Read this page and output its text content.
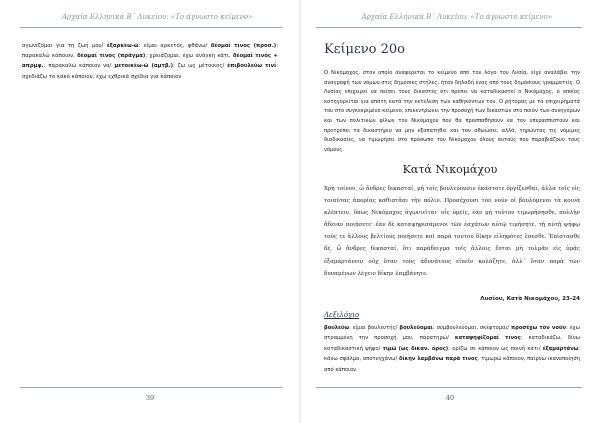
Αρχαία Ελληνικά Β΄ Λυκείου: «Το άγνωστο κείμενο»

αγωνίζομαι για τη ζωή μου/ ἐξαρκέω-ῶ: είμαι αρκετός, φθάνω/ δέομαί τινος (προσ.): παρακαλώ κάποιον, δέομαί τινος (πράγμα): χρειάζομαι, έχω ανάγκη κάτι, δέομαί τινός + απρμφ.: παρακαλώ κάποιον να/ μετοικέω-ῶ (αμτβ.): ζω ως μέτοικος/ ἐπιβουλεύω τινί: σχεδιάζω το κακό κάποιου, έχω εχθρικά σχέδια για κάποιον

39
Αρχαία Ελληνικά Β΄ Λυκείου: «Το άγνωστο κείμενο»
Κείμενο 20ο

Ο Νικόμαχος, στον οποίο αναφέρεται το κείμενο από τον λόγο του Λυσία, είχε αναλάβει την αναγραφή των νόμων στις δημόσιες στήλες, ήταν δηλαδή ένας από τους δημόσιους γραμματείς. Ο Λυσίας επιχειρεί να πείσει τους δικαστές ότι πρέπει να καταδικαστεί ο Νικόμαχος, ο οποίος κατηγορείται για απάτη κατά την εκτέλεση των καθηκόντων του. Ο ρήτορας με τα επιχειρήματά του στο συγκεκριμένο κείμενο, επικεντρώνει την προσοχή των δικαστών στο ποιόν των συνηγόρων και των πολιτικών φίλων του Νικόμαχου που θα προσπαθήσουν να τον υπερασπιστούν και προτρέπει τα δικαστήριο να μην εξαπατηθεί και τον αθωώσει, αλλά, τηρώντας τις νόμιμες διαδικασίες, να τιμωρήσει στο πρόσωπο του Νικόμαχου όλους αυτούς που παραβιάζουν τους νόμους.

Κατά Νικομάχου

Χρὴ τοίνυν, ὦ ἄνδρες δικασταί, μὴ τοῖς βουλεύουσιν ἑκάστοτε ὀργίζεσθαι, ἀλλὰ τοῖς εἰς τοιαύτας ἀπορίας καθιστᾶσι τὴν πόλιν. Προσέχουσι τὸν νοῦν οἱ βουλόμενοι τὰ κοινὰ κλέπτειν, ὅπως Νικόμαχος ἀγωνιεῖται· οἷς ὑμεῖς, ἐὰν μὴ τοῦτον τιμωρήσησθε, πολλὴν ἄδειαν ποιήσετε· ἐὰν δὲ καταψηφισάμενοι τῶν ἐσχάτων αὐτῷ τιμήσητε, τῇ αὐτῇ ψήφῳ τοὺς τε ἄλλους βελτίους ποιήσετε καὶ παρὰ τούτου δίκην εἰληφότες ἔσεσθε. Ἐπίστασθε δέ, ὦ ἄνδρες δικασταί, ὅτι παράδειγμα τοῖς ἄλλοις ἔσται μὴ τολμᾶν εἰς ὑμᾶς ἐξαμαρτάνειν οὐχ ὅταν τοὺς ἀδυνάτους εἰπεῖν κολάζητε, ἀλλ᾽ ὅταν παρὰ τῶν δυναμένων λέγειν δίκην λαμβάνητε.

Λυσίου, Κατὰ Νικομάχου, 23-24

Λεξιλόγιο

βουλεύω: είμαι βουλευτής/ βουλεύομαι: συμβουλεύομαι, σκέφτομαι/ προσέχω τὸν νοῦν: έχω στραμμένη την προσοχή μου, παρατηρώ/ καταψηφίζομαί τινος: καταδικάζω, δίνω καταδικαστική ψήφο/ τιμῶ (ως δικαν. όρος): ορίζω σε κάποιον ως ποινή κάτι/ ἐξαμαρτάνω: κάνω σφάλμα, αποτυγχάνω/ δίκην λαμβάνω παρά τινος: τιμωρώ κάποιον, παίρνω ικανοποίηση από κάποιον

40
